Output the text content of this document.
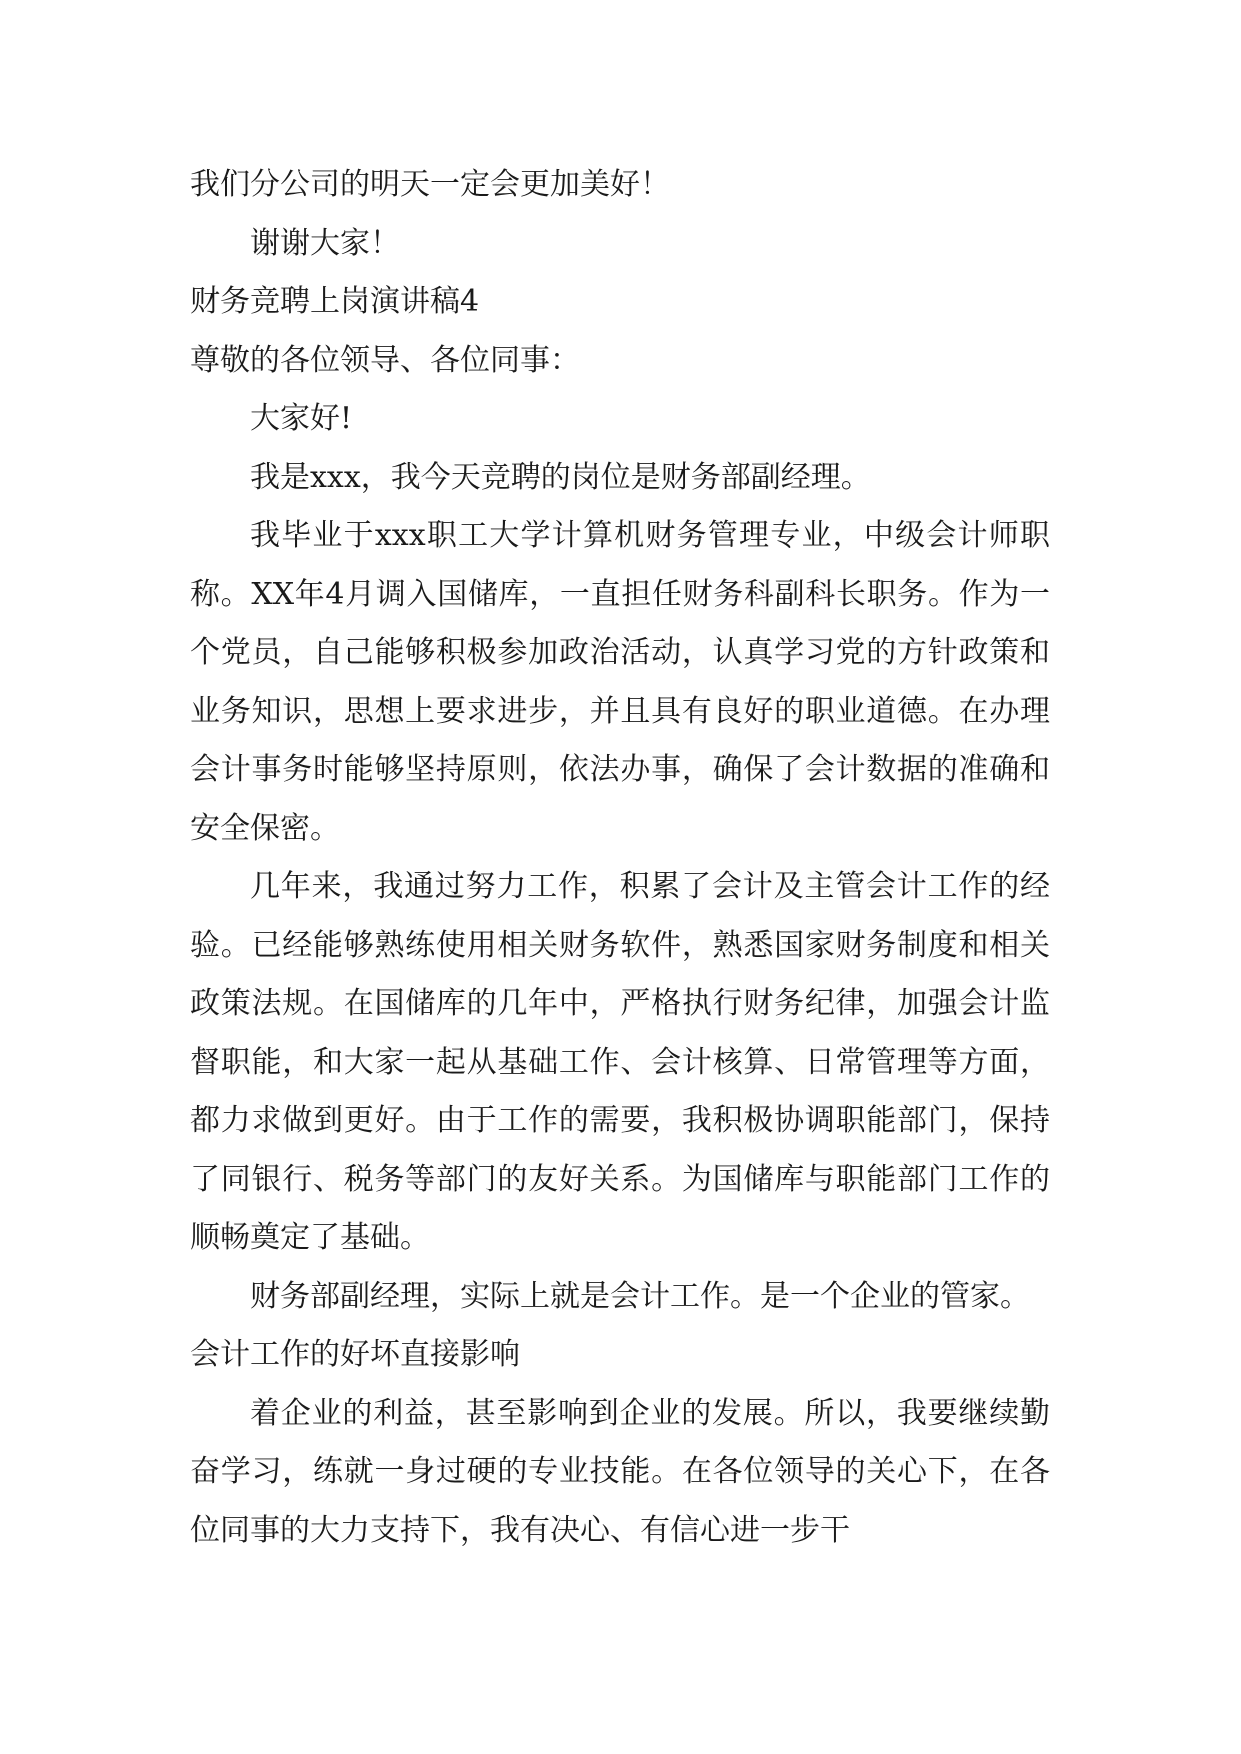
我们分公司的明天一定会更加美好！

谢谢大家！

财务竞聘上岗演讲稿4

尊敬的各位领导、各位同事：

大家好!

我是xxx，我今天竞聘的岗位是财务部副经理。

我毕业于xxx职工大学计算机财务管理专业，中级会计师职称。XX年4月调入国储库，一直担任财务科副科长职务。作为一个党员，自己能够积极参加政治活动，认真学习党的方针政策和业务知识，思想上要求进步，并且具有良好的职业道德。在办理会计事务时能够坚持原则，依法办事，确保了会计数据的准确和安全保密。

几年来，我通过努力工作，积累了会计及主管会计工作的经验。已经能够熟练使用相关财务软件，熟悉国家财务制度和相关政策法规。在国储库的几年中，严格执行财务纪律，加强会计监督职能，和大家一起从基础工作、会计核算、日常管理等方面，都力求做到更好。由于工作的需要，我积极协调职能部门，保持了同银行、税务等部门的友好关系。为国储库与职能部门工作的顺畅奠定了基础。

财务部副经理，实际上就是会计工作。是一个企业的管家。会计工作的好坏直接影响

着企业的利益，甚至影响到企业的发展。所以，我要继续勤奋学习，练就一身过硬的专业技能。在各位领导的关心下，在各位同事的大力支持下，我有决心、有信心进一步干
